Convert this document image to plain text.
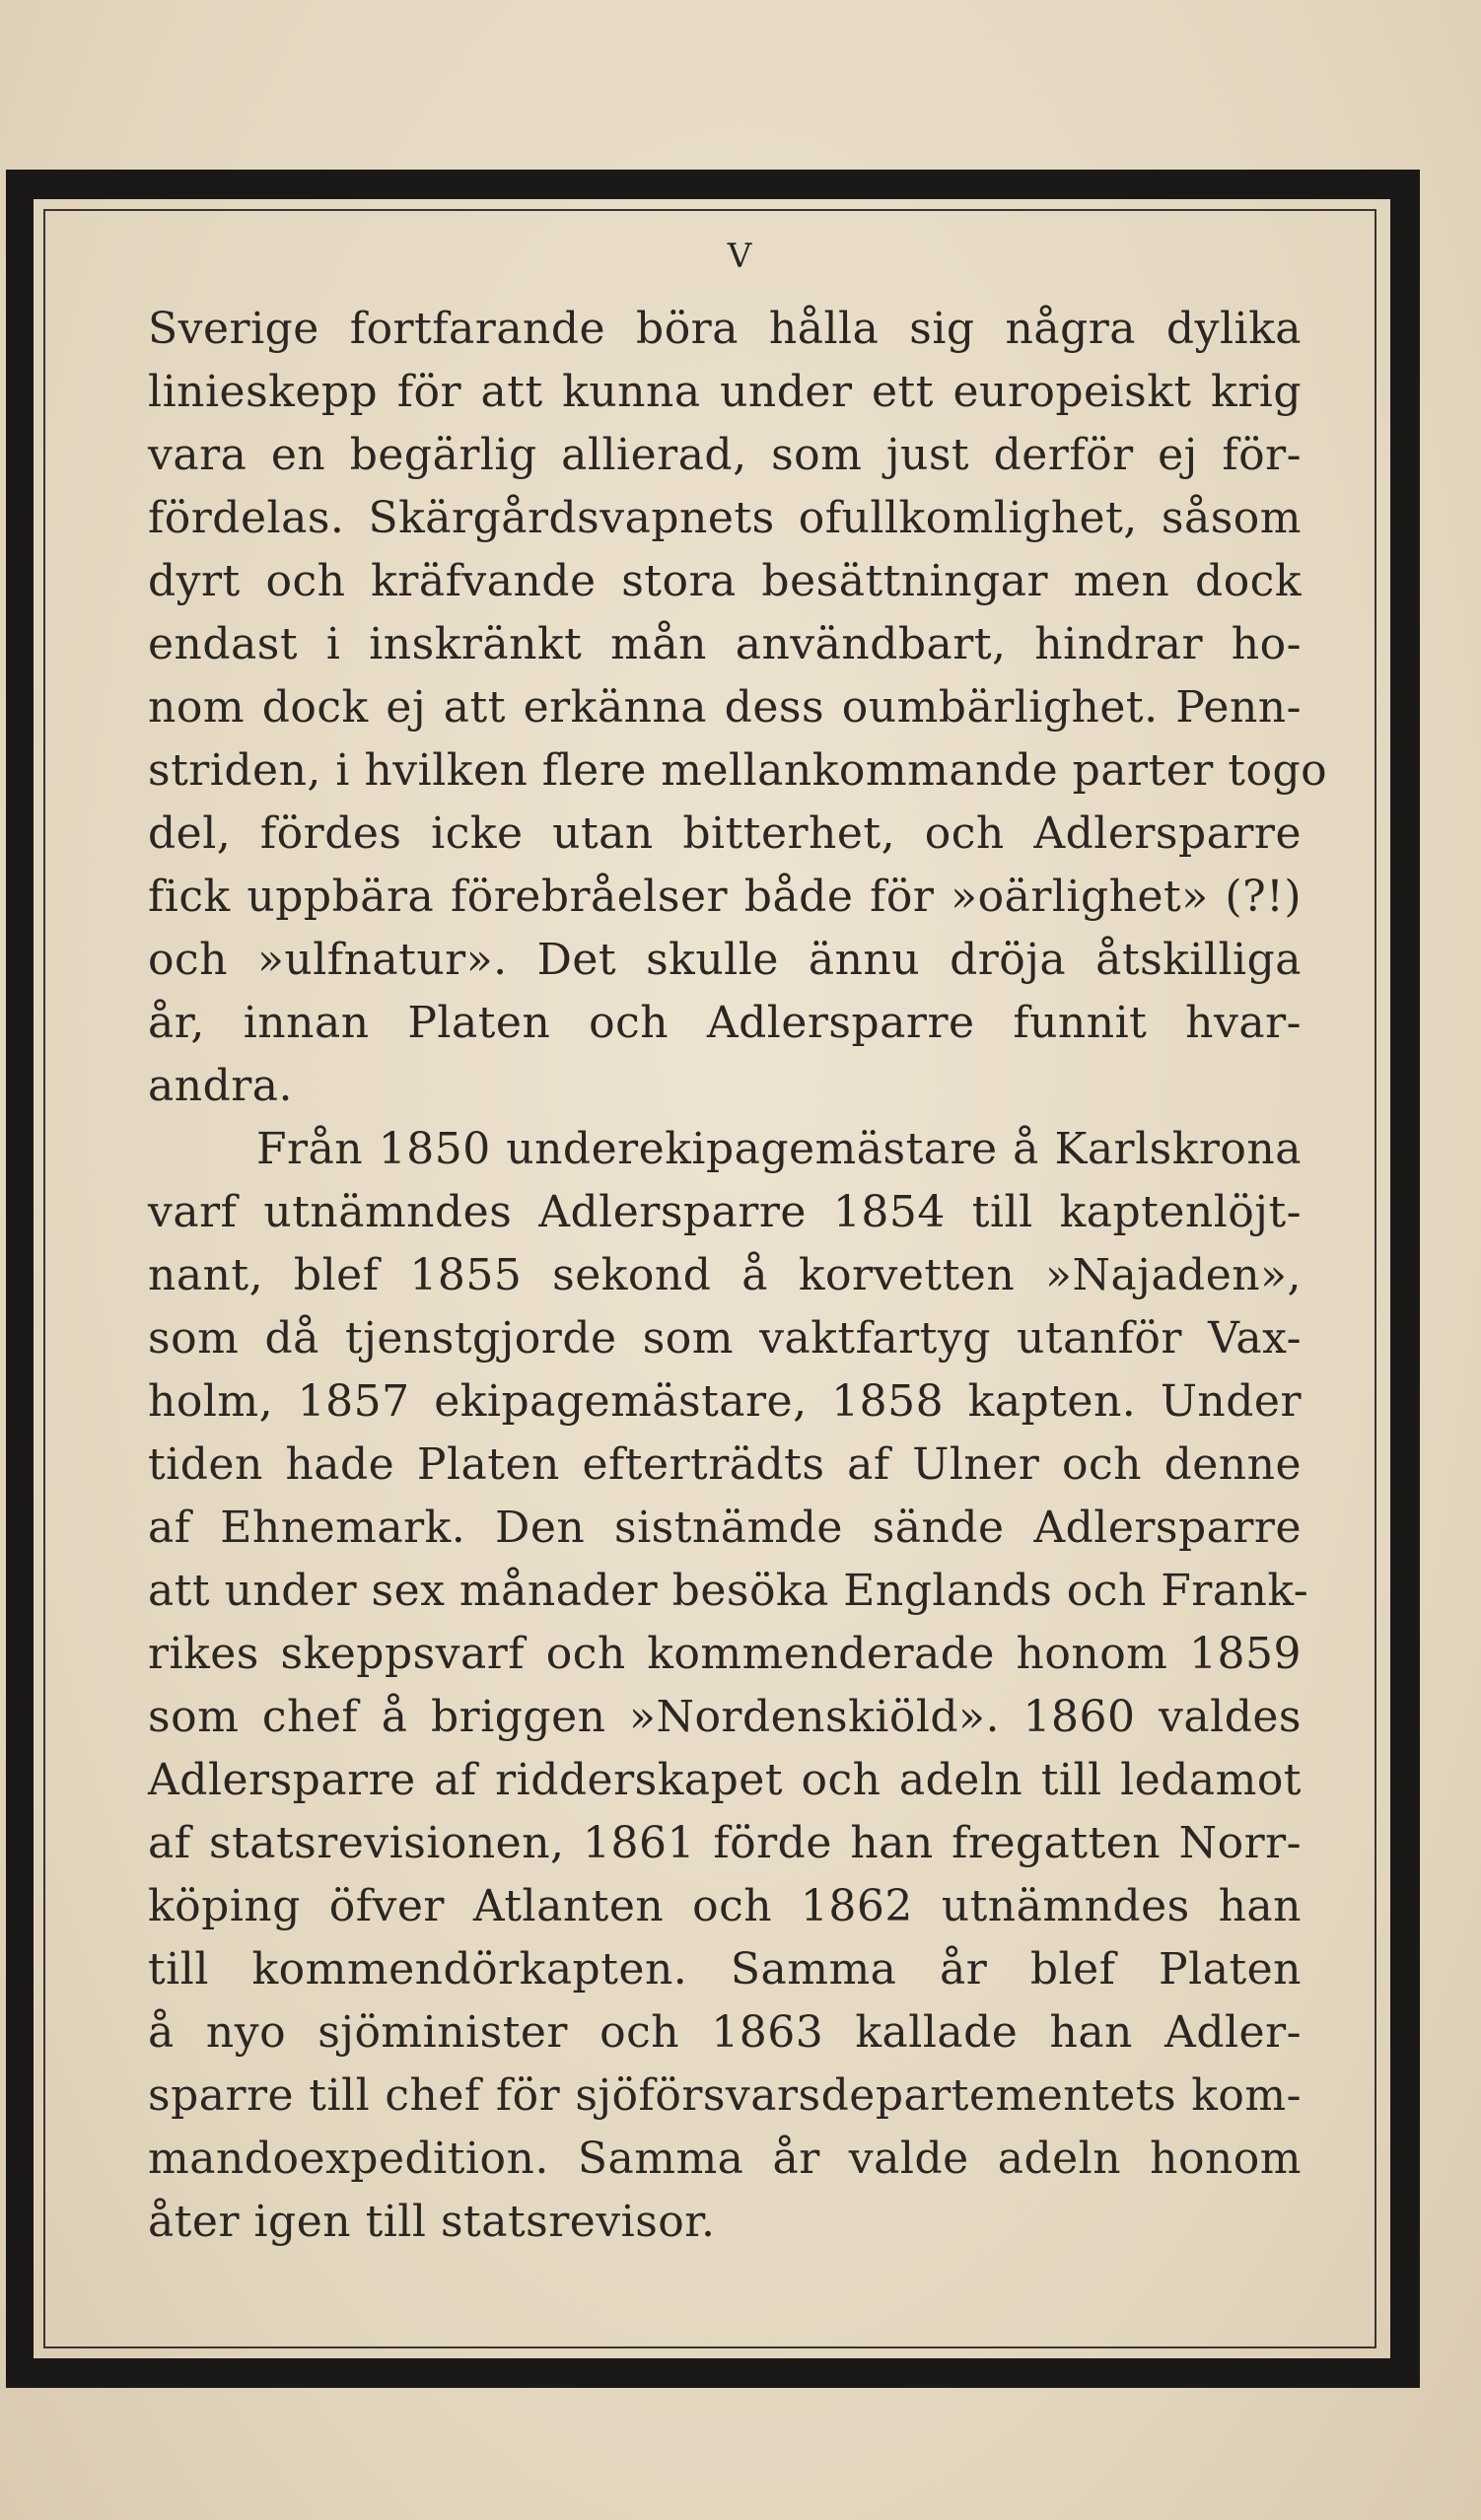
V
Sverige fortfarande böra hålla sig några dylika
linieskepp för att kunna under ett europeiskt krig
vara en begärlig allierad, som just derför ej för-
fördelas. Skärgårdsvapnets ofullkomlighet, såsom
dyrt och kräfvande stora besättningar men dock
endast i inskränkt mån användbart, hindrar ho-
nom dock ej att erkänna dess oumbärlighet. Penn-
striden, i hvilken flere mellankommande parter togo
del, fördes icke utan bitterhet, och Adlersparre
fick uppbära förebråelser både för »oärlighet» (?!)
och »ulfnatur». Det skulle ännu dröja åtskilliga
år, innan Platen och Adlersparre funnit hvar-
andra.
Från 1850 underekipagemästare å Karlskrona
varf utnämndes Adlersparre 1854 till kaptenlöjt-
nant, blef 1855 sekond å korvetten »Najaden»,
som då tjenstgjorde som vaktfartyg utanför Vax-
holm, 1857 ekipagemästare, 1858 kapten. Under
tiden hade Platen efterträdts af Ulner och denne
af Ehnemark. Den sistnämde sände Adlersparre
att under sex månader besöka Englands och Frank-
rikes skeppsvarf och kommenderade honom 1859
som chef å briggen »Nordenskiöld». 1860 valdes
Adlersparre af ridderskapet och adeln till ledamot
af statsrevisionen, 1861 förde han fregatten Norr-
köping öfver Atlanten och 1862 utnämndes han
till kommendörkapten. Samma år blef Platen
å nyo sjöminister och 1863 kallade han Adler-
sparre till chef för sjöförsvarsdepartementets kom-
mandoexpedition. Samma år valde adeln honom
åter igen till statsrevisor.
